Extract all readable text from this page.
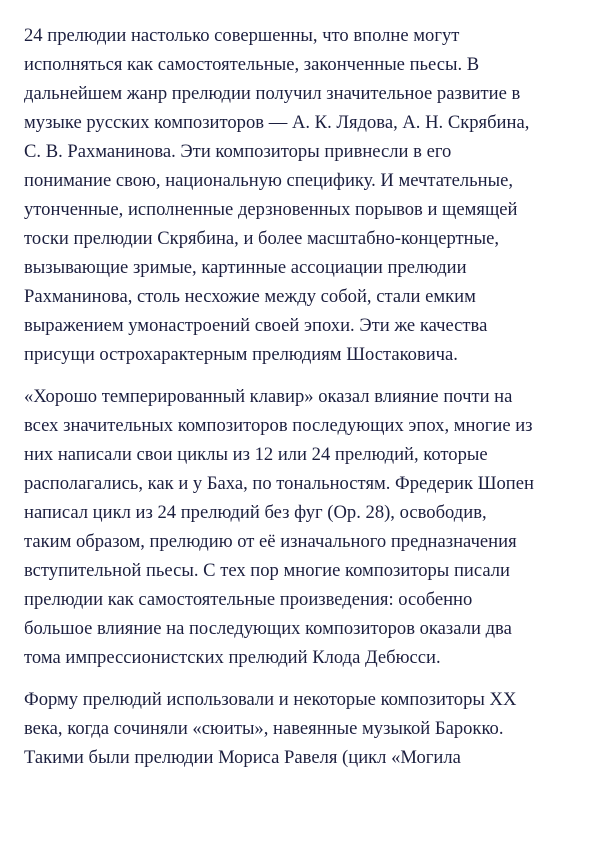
24 прелюдии настолько совершенны, что вполне могут
исполняться как самостоятельные, законченные пьесы. В
дальнейшем жанр прелюдии получил значительное развитие в
музыке русских композиторов — А. К. Лядова, А. Н. Скрябина,
С. В. Рахманинова. Эти композиторы привнесли в его
понимание свою, национальную специфику. И мечтательные,
утонченные, исполненные дерзновенных порывов и щемящей
тоски прелюдии Скрябина, и более масштабно-концертные,
вызывающие зримые, картинные ассоциации прелюдии
Рахманинова, столь несхожие между собой, стали емким
выражением умонастроений своей эпохи. Эти же качества
присущи острохарактерным прелюдиям Шостаковича.
«Хорошо темперированный клавир» оказал влияние почти на
всех значительных композиторов последующих эпох, многие из
них написали свои циклы из 12 или 24 прелюдий, которые
располагались, как и у Баха, по тональностям. Фредерик Шопен
написал цикл из 24 прелюдий без фуг (Op. 28), освободив,
таким образом, прелюдию от её изначального предназначения
вступительной пьесы. С тех пор многие композиторы писали
прелюдии как самостоятельные произведения: особенно
большое влияние на последующих композиторов оказали два
тома импрессионистских прелюдий Клода Дебюсси.
Форму прелюдий использовали и некоторые композиторы XX
века, когда сочиняли «сюиты», навеянные музыкой Барокко.
Такими были прелюдии Мориса Равеля (цикл «Могила
